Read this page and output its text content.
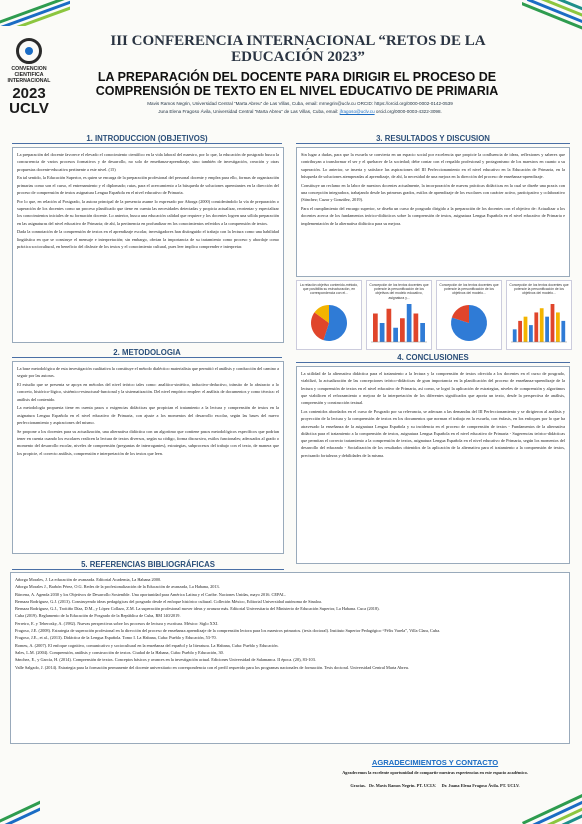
CONVENCION
CIENTIFICA
INTERNACIONAL
2023
UCLV
III CONFERENCIA INTERNACIONAL “RETOS DE LA EDUCACIÓN 2023”
LA PREPARACIÓN DEL DOCENTE PARA DIRIGIR EL PROCESO DE COMPRENSIÓN DE TEXTO EN EL NIVEL EDUCATIVO DE PRIMARIA
Mavis Ramos Negrin, Universidad Central “Marta Abreu” de Las Villas, Cuba, email: mrnegrin@uclv.cu ORCID: https://orcid.org/0000-0002-0142-0539
Juna Elena Fragoso Ávila, Universidad Central “Marta Abreu” de Las Villas, Cuba, email: jfragoso@uclv.cu orcid.org/0000-0003-4322-3098.
1. INTRODUCCION (OBJETIVOS)

La preparación del docente favorece el elevado el conocimiento científico en la vida laboral del maestro, por lo que, la educación de postgrado busca la concurrencia de varios procesos formativos y de desarrollo, no solo de enseñanza-aprendizaje, sino también de investigación, creación y otras propuestas docente-educativa pertinente a este nivel. (15)

En tal sentido, la Educación Superior, es quien se encarga de la preparación profesional del personal docente y emplea para ello, formas de organización primarias como son el curso, el entrenamiento y el diplomado; rutas, para el acercamiento a la búsqueda de soluciones apremiantes en la dirección del proceso de comprensión de textos asignatura Lengua Española en el nivel educativo de Primaria.

Por lo que, en relación al Postgrado, la autora principal de la presencia asume lo expresado por Añorga (2000) considerándolo la vía de preparación o superación de los docentes como un proceso planificado que tiene en cuenta las necesidades detectadas y propicia actualizar, reorientar y especializar los conocimientos iniciales de su formación docente. Lo anterior, busca una educación calidad que requiere y los docentes logren una sólida preparación en las asignaturas del nivel educativo de Primaria; de ahí, la pertinencia en profundizar en los conocimientos referidos a la comprensión de textos.

Dada la connotación de la comprensión de textos en el aprendizaje escolar, investigadores han distinguido el trabajo con la lectura como una habilidad lingüística en que se construye el mensaje e interpretación; sin embargo, obvian la importancia de su tratamiento como proceso y abordaje como práctica sociocultural, en beneficio del disfrute de los textos y el conocimiento cultural, pues leer implica comprender e interpretar.

2. METODOLOGIA

La base metodológica de esta investigación cualitativa la constituye el método dialéctico materialista que permitió el análisis y conducción del camino a seguir por las autoras.

El estudio que se presenta se apoya en métodos del nivel teórico tales como: analítico-sintético, inductivo-deductivo, tránsito de lo abstracto a lo concreto, histórico-lógico, sistémico-estructural-funcional y la sistematización. Del nivel empírico emplee: el análisis de documentos y como técnica: el análisis del contenido.

La metodología propuesta tiene en cuenta pasos o exigencias didácticas que propician el tratamiento a la lectura y comprensión de textos en la asignatura Lengua Española en el nivel educativo de Primaria, con ajuste a los momentos del desarrollo escolar, según las bases del nuevo perfeccionamiento y aspiraciones del mismo.

Se propone a los docentes para su actualización, una alternativa didáctica con un algoritmo que contiene pasos metodológicos específicos que podrían tener en cuenta cuando los escolares realicen la lectura de textos diversos, según su código, forma discursiva, estilos funcionales; adecuados al grado o momento del desarrollo escolar, niveles de comprensión (preguntas de interrogantes), estrategias, subprocesos del trabajo con el texto, de manera que los propicie, el correcto análisis, comprensión e interpretación de los textos que leen.

3. RESULTADOS Y DISCUSION

Sin lugar a dudas, para que la escuela se convierta en un espacio social por excelencia que propicie la confluencia de ideas, reflexiones y saberes que contribuyan a transformar el ser y el quehacer de la sociedad; debe contar con el respaldo profesional y protagonismo de los maestros en cuanto a su superación. Lo anterior, se inserta y satisface las aspiraciones del III Perfeccionamiento en el nivel educativo en la Educación de Primaria, en la búsqueda de soluciones atemperadas al aprendizaje, de ahí, la necesidad de una mejora en la dirección del proceso de enseñanza-aprendizaje.

Constituye un reclamo en la labor de nuestros docentes actualmente, la incorporación de nuevas prácticas didácticas en la cual se diseñe una praxis con una concepción integradora, trabajando desde las primeras grados, estilos de aprendizaje de los escolares con carácter activo, participativo y colaborativo (Sánchez; Cuzar y González, 2019).

Para el cumplimiento del encargo superior, se diseña un curso de posgrado dirigido a la preparación de los docentes con el objetivo de: Actualizar a los docentes acerca de los fundamentos teórico-didácticos sobre la comprensión de textos, asignatura Lengua Española en el nivel educativo de Primaria e implementación de la alternativa didáctica para su mejora.

La relación objetivo contenido-método, que posibilita su estructuración, en correspondencia con el...
Concepción de los textos docentes que potencie la personificación de los objetivos del modelo educativo, asignatura y...
Concepción de los textos docentes que potencie la personificación de los objetivos del modelo...
Concepción de los textos docentes que potencie la personificación de los objetivos del modelo...
4. CONCLUSIONES

La utilidad de la alternativa didáctica para el tratamiento a la lectura y la comprensión de textos ofrecida a los docentes en el curso de posgrado, viabilizó, la actualización de las concepciones teórico-didácticas de gran importancia en la planificación del proceso de enseñanza-aprendizaje de la lectura y comprensión de textos en el nivel educativo de Primaria, así como, se logró la aplicación de estrategias, niveles de comprensión y algoritmos que viabilicen el reforzamiento o mejora de la interpretación de los diferentes significados que aporta un texto, desde la perspectiva de análisis, comprensión y construcción textual.

Los contenidos abordados en el curso de Posgrado por su relevancia, se adecuan a las demandas del III Perfeccionamiento y se dirigieron al análisis y proyección de la lectura y la comprensión de textos en los documentos que norman el trabajo en la escuela, con énfasis, en los enfoques por lo que ha atravesado la enseñanza de la asignatura Lengua Española y su incidencia en el proceso de comprensión de textos - Fundamentos de la alternativa didáctica para el tratamiento a la comprensión de textos, asignatura Lengua Española en el nivel educativo de Primaria - Sugerencias teórico-didácticas que permitan el correcto tratamiento a la comprensión de textos, asignatura Lengua Española en el nivel educativo de Primaria, según los momentos del desarrollo del educando - Socialización de los resultados obtenidos de la aplicación de la alternativa para el tratamiento a la comprensión de textos, precisando fortalezas y debilidades de la misma.

5. REFERENCIAS BIBLIOGRÁFICAS

Añorga Morales, J. La educación de avanzada. Editorial Academia, La Habana 2000.

Añorga Morales J., Barbón Pérez, O.G. Redes de la profesionalización de la Educación de avanzada, La Habana, 2013.

Bárcena, A. Agenda 2030 y los Objetivos de Desarrollo Sostenible. Una oportunidad para América Latina y el Caribe. Naciones Unidas, mayo 2016. CEPAL.

Bernaza Rodríguez, G.J. (2013). Construyendo ideas pedagógicas del posgrado desde el enfoque histórico cultural. Colleción México, Editorial Universidad autónoma de Sinaloa.

Bernaza Rodríguez, G.J., Troitiño Díaz, D.M., y López Collazo, Z.M. La superación profesional mover ideas y avanzar más. Editorial Universitaria del Ministerio de Educación Superior, La Habana. Cuca (2018).

Cuba (2019). Reglamento de la Educación de Posgrado de la República de Cuba, RM 140/2019.

Ferreiro, E. y Teberosky, A. (1982). Nuevas perspectivas sobre los procesos de lectura y escritura. México: Siglo XXI.

Fragoso, J.E. (2008). Estrategia de superación profesional en la dirección del proceso de enseñanza aprendizaje de la comprensión lectora para los maestros primarios. (tesis doctoral). Instituto Superior Pedagógico “Félix Varela”, Villa Clara, Cuba.

Fragoso, J.E., et al., (2013). Didáctica de la Lengua Española. Tomo I. La Habana, Cuba: Pueblo y Educación, 53-70.

Romeu, A. (2007). El enfoque cognitivo, comunicativo y sociocultural en la enseñanza del español y la literatura. La Habana, Cuba: Pueblo y Educación.

Sales, L.M. (2004). Comprensión, análisis y construcción de textos. Ciudad de la Habana, Cuba: Pueblo y Educación, 30.

Sánchez, E., y García, H. (2014). Comprensión de textos. Conceptos básicos y avances en la investigación actual. Ediciones Universidad de Salamanca. II época. (20), 83-103.

Valle Salgado, J. (2014). Estrategia para la formación permanente del docente universitario en correspondencia con el perfil requerido para los programas nacionales de formación. Tesis doctoral. Universidad Central Marta Abreu.

AGRADECIMIENTOS Y CONTACTO
Agradecemos la excelente oportunidad de compartir nuestras experiencias en este espacio académico.
Gracias. Dr. Mavis Ramos Negrin. PT. UCLV. Dr. Juana Elena Fragoso Ávila. PT. UCLV.
